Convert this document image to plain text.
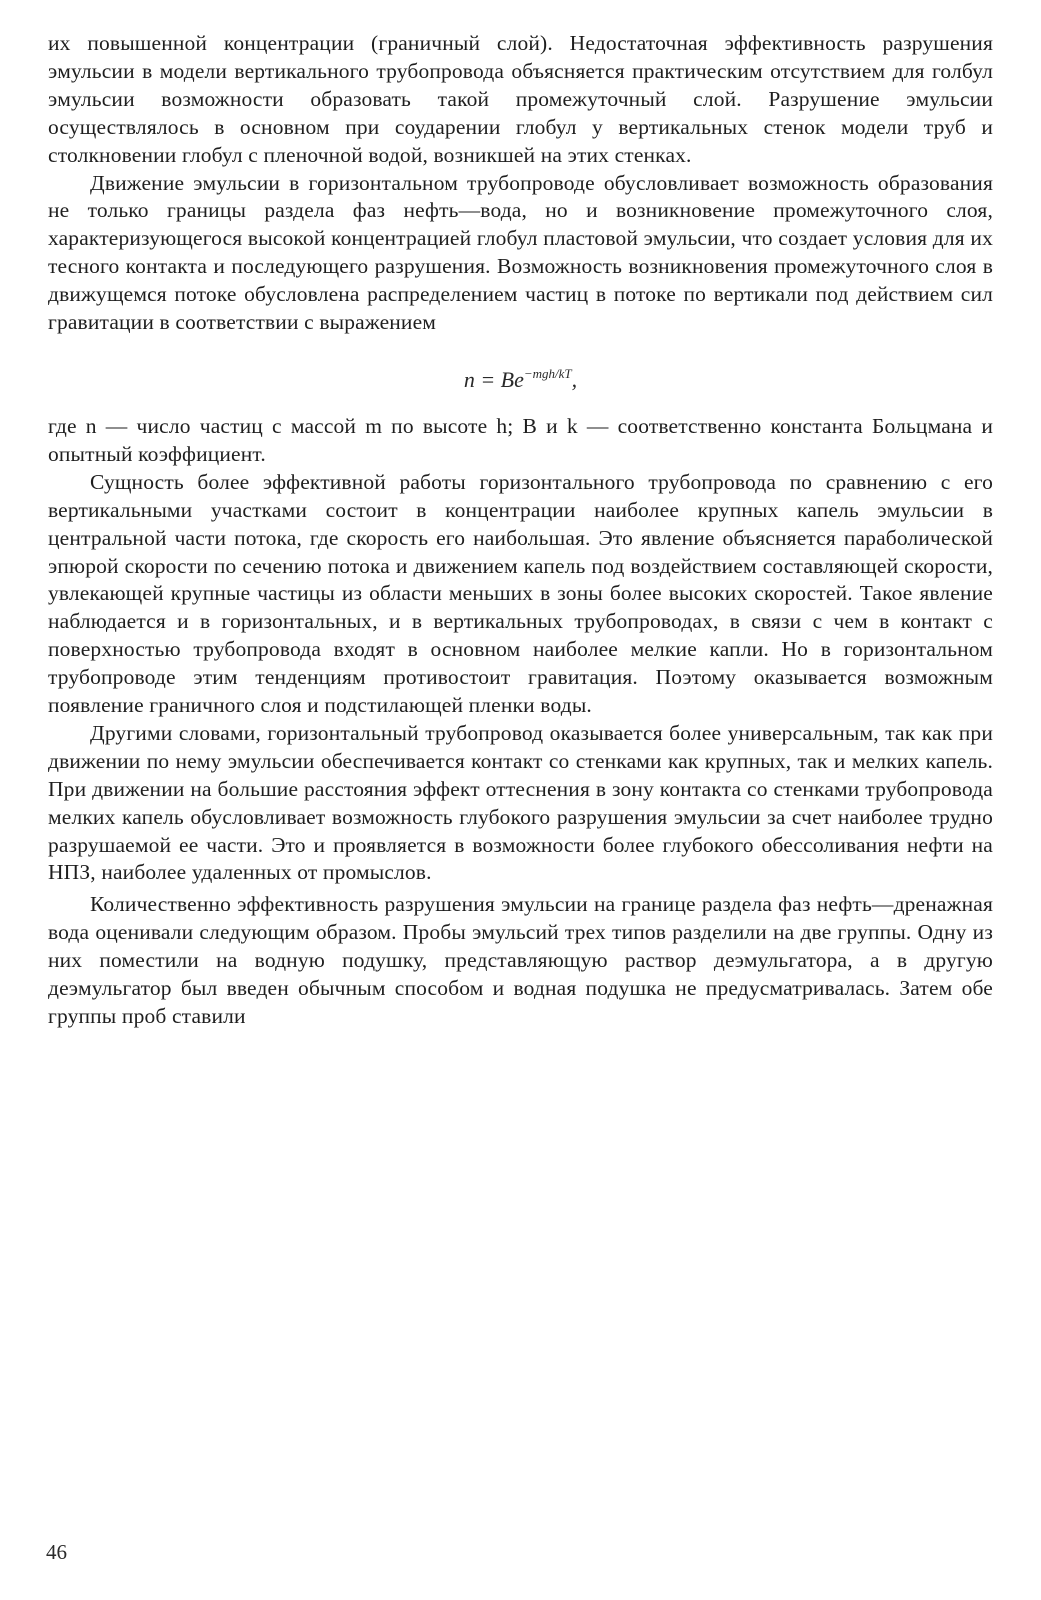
их повышенной концентрации (граничный слой). Недостаточная эффективность разрушения эмульсии в модели вертикального трубопровода объясняется практическим отсутствием для голбул эмульсии возможности образовать такой промежуточный слой. Разрушение эмульсии осуществлялось в основном при соударении глобул у вертикальных стенок модели труб и столкновении глобул с пленочной водой, возникшей на этих стенках.

Движение эмульсии в горизонтальном трубопроводе обусловливает возможность образования не только границы раздела фаз нефть—вода, но и возникновение промежуточного слоя, характеризующегося высокой концентрацией глобул пластовой эмульсии, что создает условия для их тесного контакта и последующего разрушения. Возможность возникновения промежуточного слоя в движущемся потоке обусловлена распределением частиц в потоке по вертикали под действием сил гравитации в соответствии с выражением

$n = Be^{-mgh/kT}$,

где n — число частиц с массой m по высоте h; B и k — соответственно константа Больцмана и опытный коэффициент.

Сущность более эффективной работы горизонтального трубопровода по сравнению с его вертикальными участками состоит в концентрации наиболее крупных капель эмульсии в центральной части потока, где скорость его наибольшая. Это явление объясняется параболической эпюрой скорости по сечению потока и движением капель под воздействием составляющей скорости, увлекающей крупные частицы из области меньших в зоны более высоких скоростей. Такое явление наблюдается и в горизонтальных, и в вертикальных трубопроводах, в связи с чем в контакт с поверхностью трубопровода входят в основном наиболее мелкие капли. Но в горизонтальном трубопроводе этим тенденциям противостоит гравитация. Поэтому оказывается возможным появление граничного слоя и подстилающей пленки воды.

Другими словами, горизонтальный трубопровод оказывается более универсальным, так как при движении по нему эмульсии обеспечивается контакт со стенками как крупных, так и мелких капель. При движении на большие расстояния эффект оттеснения в зону контакта со стенками трубопровода мелких капель обусловливает возможность глубокого разрушения эмульсии за счет наиболее трудно разрушаемой ее части. Это и проявляется в возможности более глубокого обессоливания нефти на НПЗ, наиболее удаленных от промыслов.

Количественно эффективность разрушения эмульсии на границе раздела фаз нефть—дренажная вода оценивали следующим образом. Пробы эмульсий трех типов разделили на две группы. Одну из них поместили на водную подушку, представляющую раствор деэмульгатора, а в другую деэмульгатор был введен обычным способом и водная подушка не предусматривалась. Затем обе группы проб ставили

46
